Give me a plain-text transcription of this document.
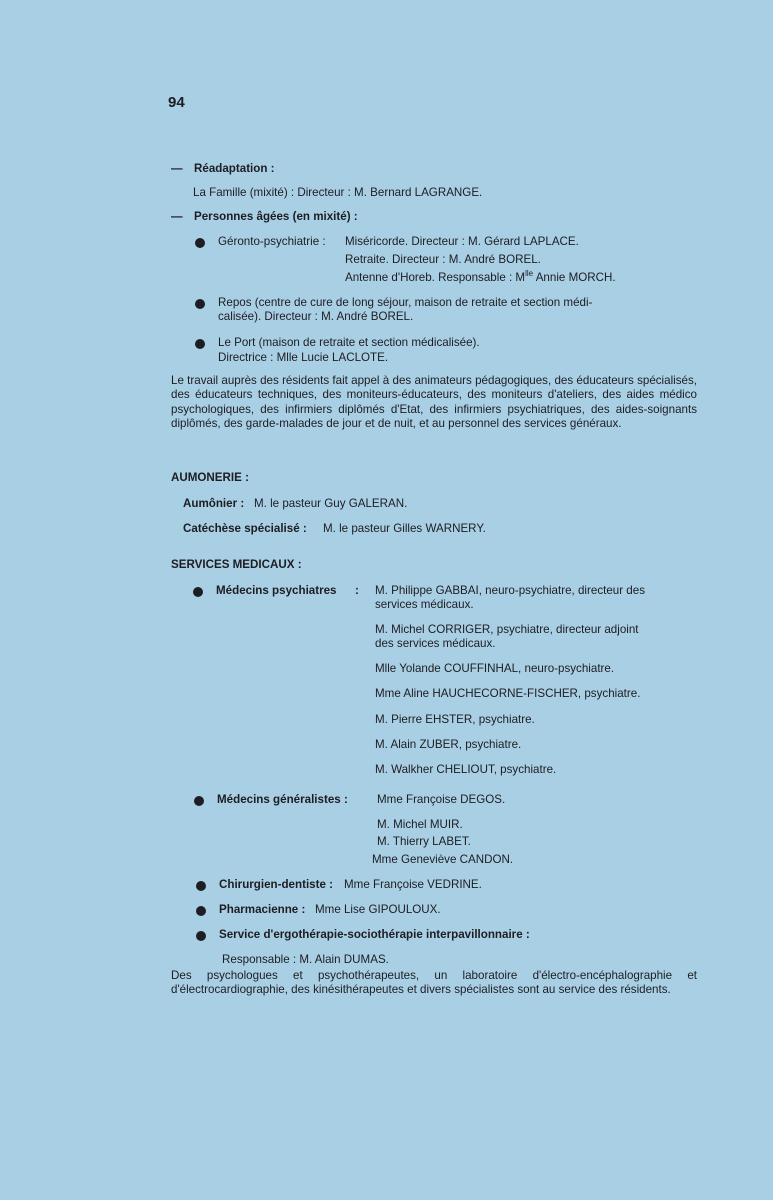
94
— Réadaptation :
La Famille (mixité) : Directeur : M. Bernard LAGRANGE.
— Personnes âgées (en mixité) :
Géronto-psychiatrie : Miséricorde. Directeur : M. Gérard LAPLACE.
Retraite. Directeur : M. André BOREL.
Antenne d'Horeb. Responsable : $M^{lle}$ Annie MORCH.
Repos (centre de cure de long séjour, maison de retraite et section médi-
calisée). Directeur : M. André BOREL.
Le Port (maison de retraite et section médicalisée).
Directrice : Mlle Lucie LACLOTE.
Le travail auprès des résidents fait appel à des animateurs pédagogiques, des éducateurs spécialisés, des éducateurs techniques, des moniteurs-éducateurs, des moniteurs d'ateliers, des aides médico psychologiques, des infirmiers diplômés d'Etat, des infirmiers psychiatriques, des aides-soignants diplômés, des garde-malades de jour et de nuit, et au personnel des services généraux.
AUMONERIE :
Aumônier : M. le pasteur Guy GALERAN.
Catéchèse spécialisé : M. le pasteur Gilles WARNERY.
SERVICES MEDICAUX :
Médecins psychiatres : M. Philippe GABBAI, neuro-psychiatre, directeur des
services médicaux.
M. Michel CORRIGER, psychiatre, directeur adjoint
des services médicaux.
Mlle Yolande COUFFINHAL, neuro-psychiatre.
Mme Aline HAUCHECORNE-FISCHER, psychiatre.
M. Pierre EHSTER, psychiatre.
M. Alain ZUBER, psychiatre.
M. Walkher CHELIOUT, psychiatre.
Médecins généralistes :	Mme Françoise DEGOS.
M. Michel MUIR.
M. Thierry LABET.
Mme Geneviève CANDON.
Chirurgien-dentiste : Mme Françoise VEDRINE.
Pharmacienne : Mme Lise GIPOULOUX.
Service d'ergothérapie-sociothérapie interpavillonnaire :
Responsable : M. Alain DUMAS.
Des psychologues et psychothérapeutes, un laboratoire d'électro-encéphalographie et d'électrocardiographie, des kinésithérapeutes et divers spécialistes sont au service des résidents.
